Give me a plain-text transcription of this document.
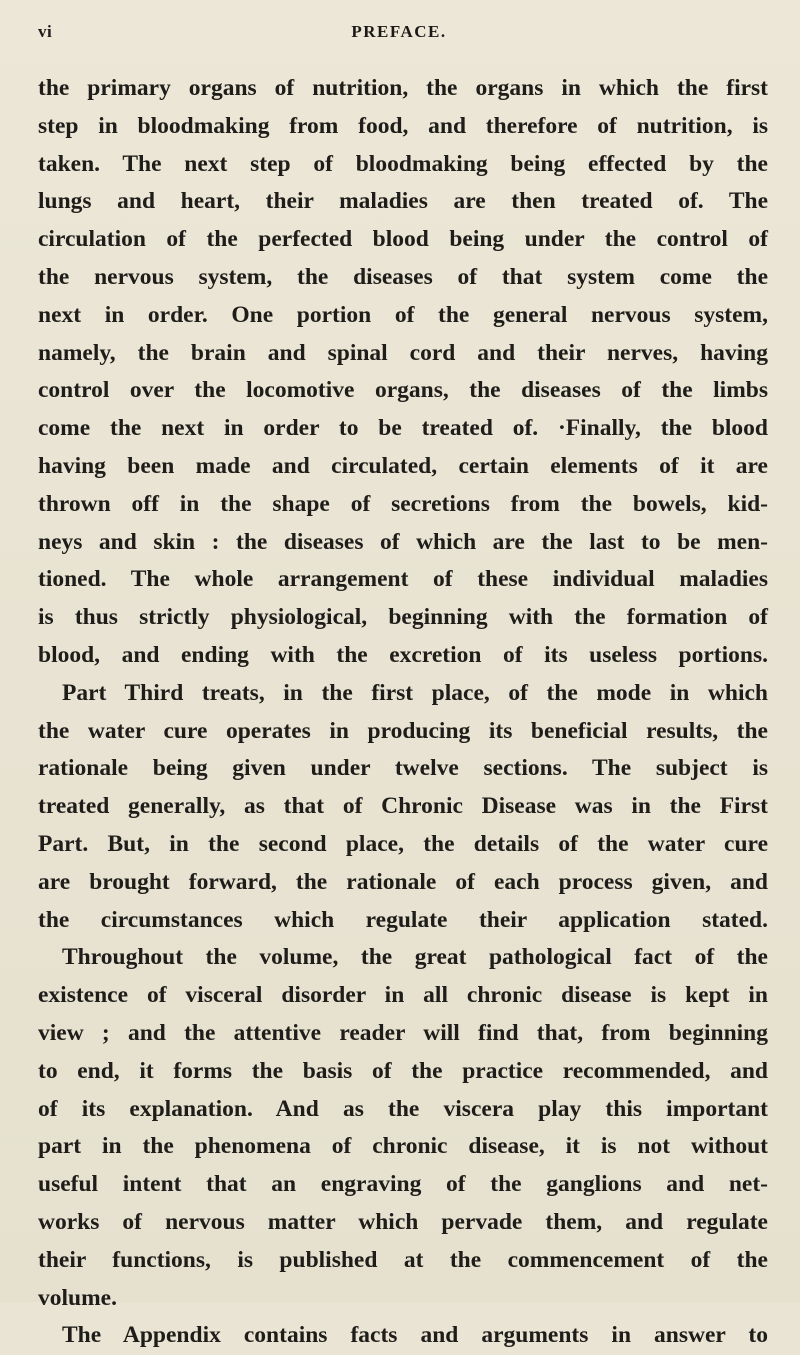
vi	PREFACE.
the primary organs of nutrition, the organs in which the first
step in bloodmaking from food, and therefore of nutrition, is
taken. The next step of bloodmaking being effected by the
lungs and heart, their maladies are then treated of. The
circulation of the perfected blood being under the control of
the nervous system, the diseases of that system come the
next in order. One portion of the general nervous system,
namely, the brain and spinal cord and their nerves, having
control over the locomotive organs, the diseases of the limbs
come the next in order to be treated of. ·Finally, the blood
having been made and circulated, certain elements of it are
thrown off in the shape of secretions from the bowels, kid-
neys and skin : the diseases of which are the last to be men-
tioned. The whole arrangement of these individual maladies
is thus strictly physiological, beginning with the formation of
blood, and ending with the excretion of its useless portions.
Part Third treats, in the first place, of the mode in which
the water cure operates in producing its beneficial results, the
rationale being given under twelve sections. The subject is
treated generally, as that of Chronic Disease was in the First
Part. But, in the second place, the details of the water cure
are brought forward, the rationale of each process given, and
the circumstances which regulate their application stated.
Throughout the volume, the great pathological fact of the
existence of visceral disorder in all chronic disease is kept in
view ; and the attentive reader will find that, from beginning
to end, it forms the basis of the practice recommended, and
of its explanation. And as the viscera play this important
part in the phenomena of chronic disease, it is not without
useful intent that an engraving of the ganglions and net-
works of nervous matter which pervade them, and regulate
their functions, is published at the commencement of the
volume.
The Appendix contains facts and arguments in answer to
